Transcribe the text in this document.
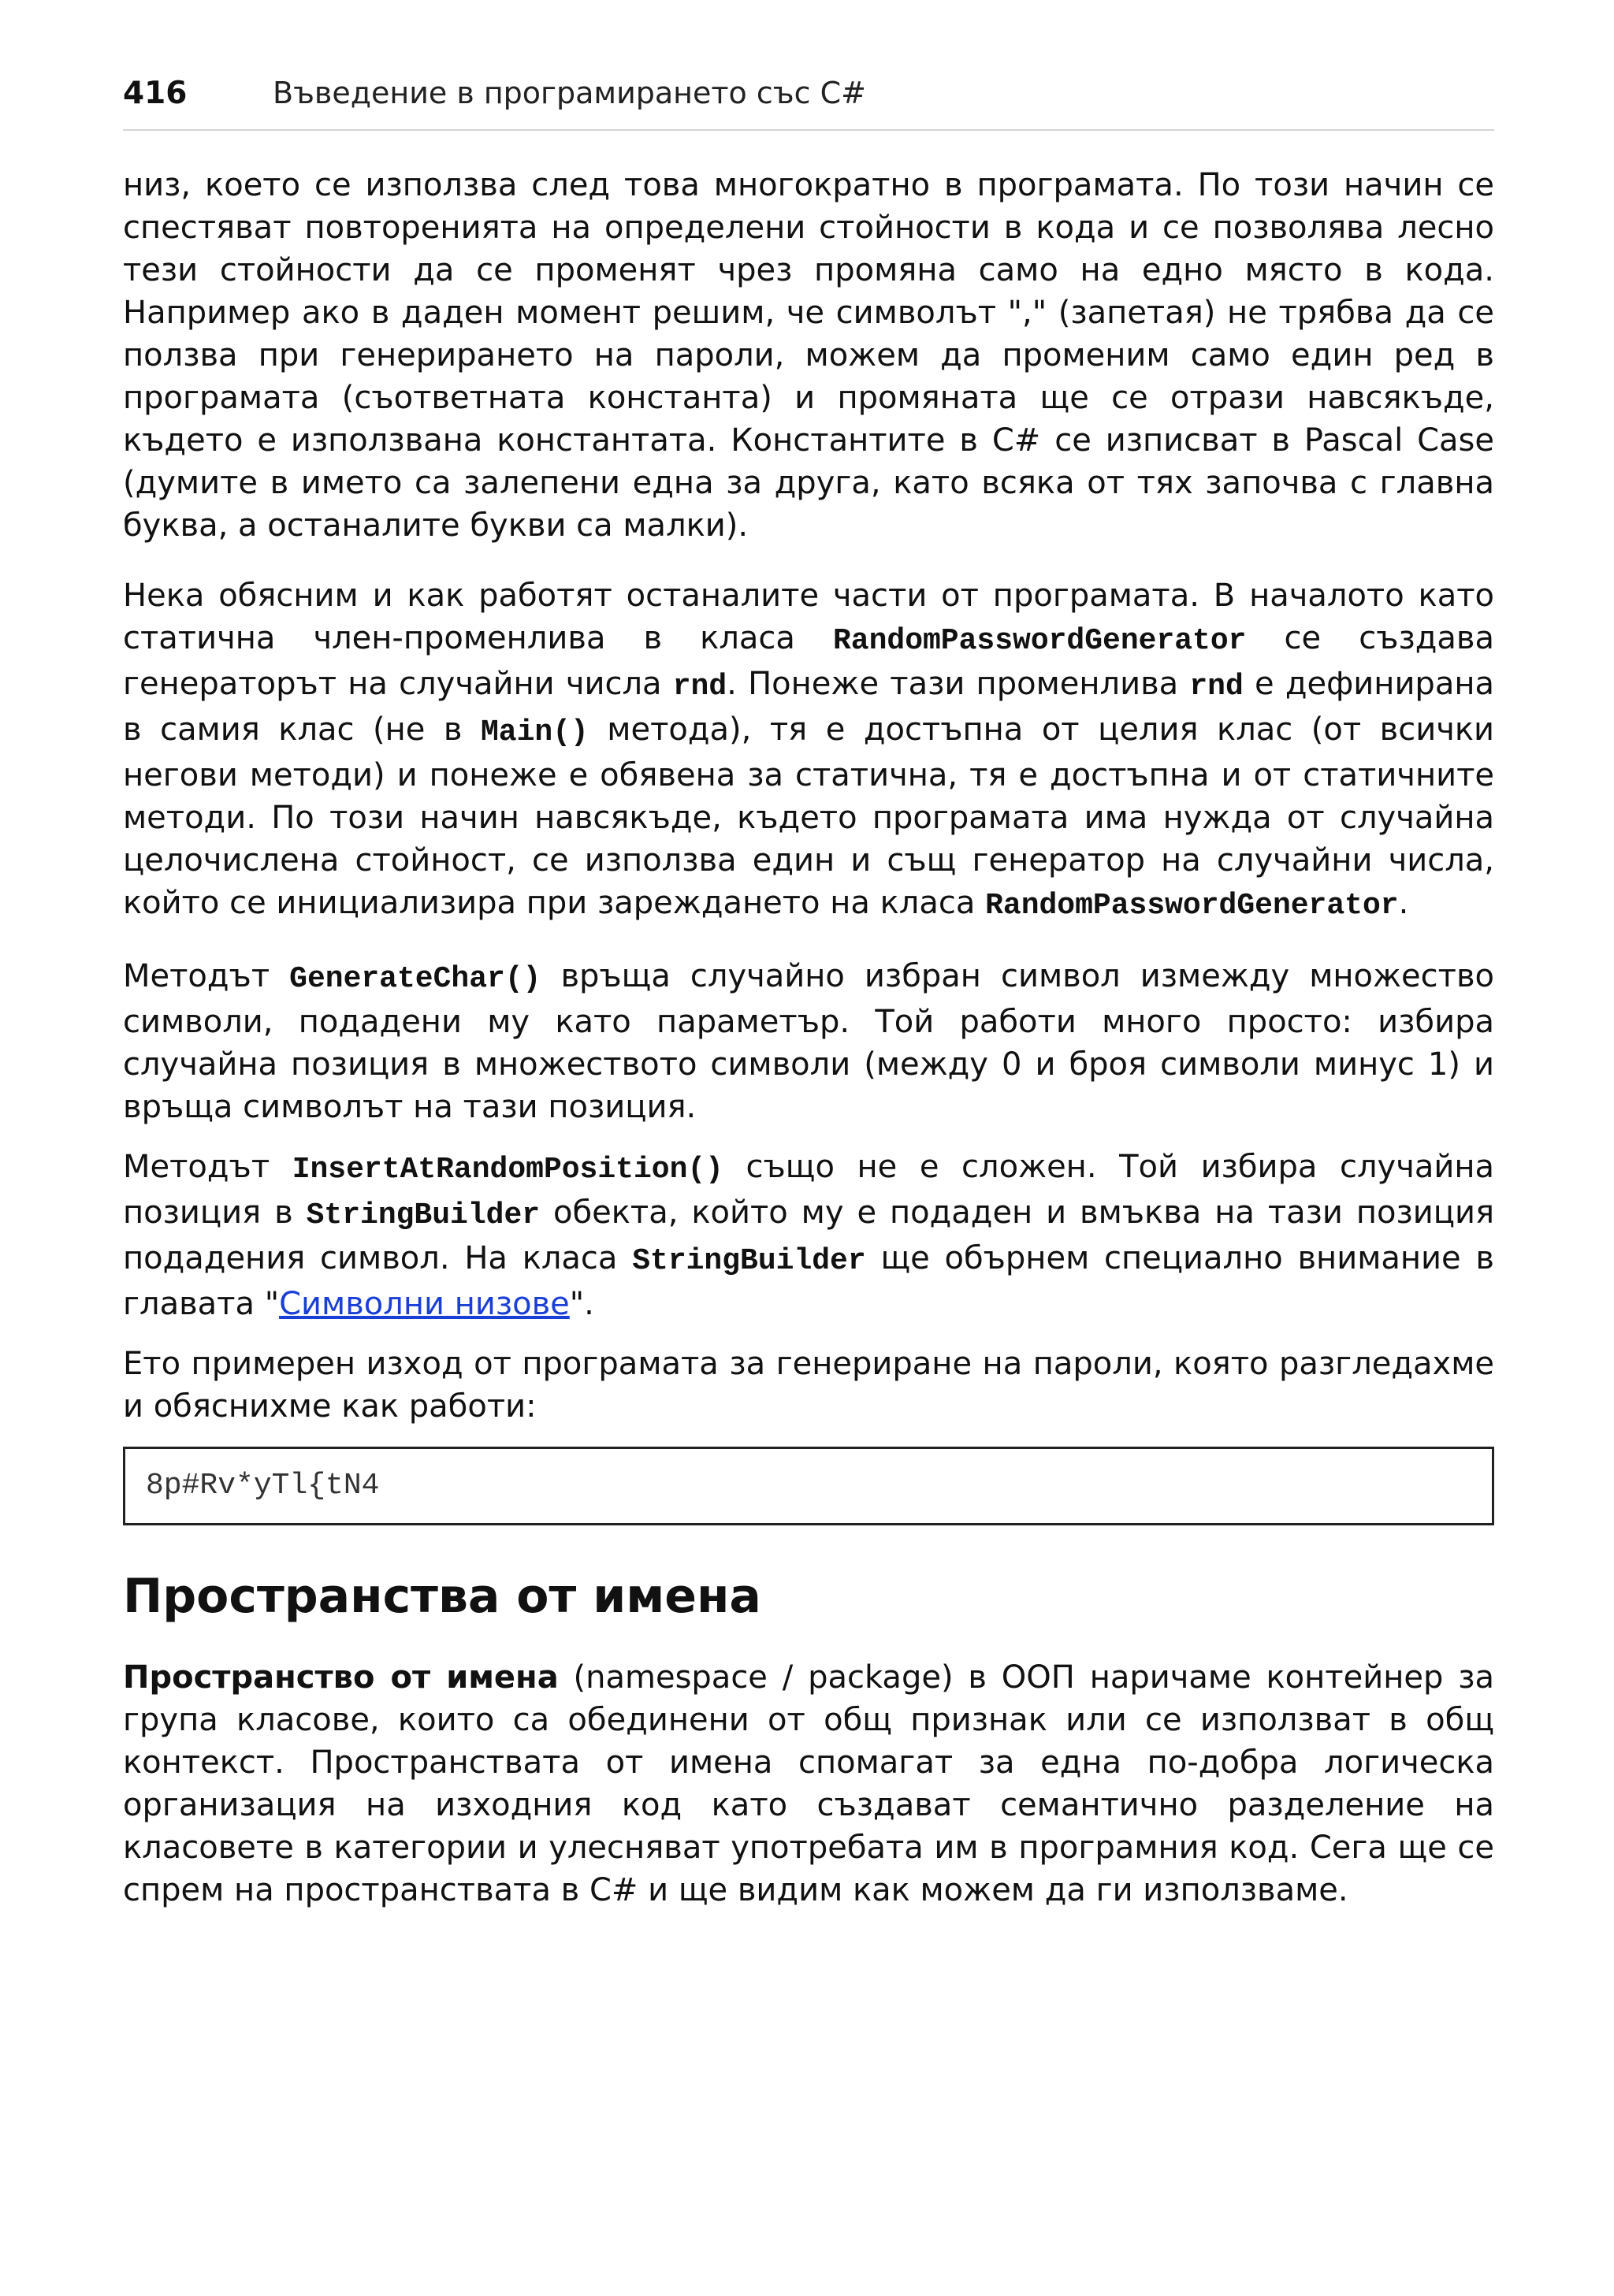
416	Въведение в програмирането със C#

низ, което се използва след това многократно в програмата. По този начин се спестяват повторенията на определени стойности в кода и се позволява лесно тези стойности да се променят чрез промяна само на едно място в кода. Например ако в даден момент решим, че символът "," (запетая) не трябва да се ползва при генерирането на пароли, можем да променим само един ред в програмата (съответната константа) и промяната ще се отрази навсякъде, където е използвана константата. Константите в C# се изписват в Pascal Case (думите в името са залепени една за друга, като всяка от тях започва с главна буква, а останалите букви са малки).

Нека обясним и как работят останалите части от програмата. В началото като статична член-променлива в класа RandomPasswordGenerator се създава генераторът на случайни числа rnd. Понеже тази променлива rnd е дефинирана в самия клас (не в Main() метода), тя е достъпна от целия клас (от всички негови методи) и понеже е обявена за статична, тя е достъпна и от статичните методи. По този начин навсякъде, където програмата има нужда от случайна целочислена стойност, се използва един и същ генератор на случайни числа, който се инициализира при зареждането на класа RandomPasswordGenerator.

Методът GenerateChar() връща случайно избран символ измежду множество символи, подадени му като параметър. Той работи много просто: избира случайна позиция в множеството символи (между 0 и броя символи минус 1) и връща символът на тази позиция.

Методът InsertAtRandomPosition() също не е сложен. Той избира случайна позиция в StringBuilder обекта, който му е подаден и вмъква на тази позиция подадения символ. На класа StringBuilder ще обърнем специално внимание в главата "Символни низове".

Ето примерен изход от програмата за генериране на пароли, която разгледахме и обяснихме как работи:

8p#Rv*yTl{tN4
Пространства от имена

Пространство от имена (namespace / package) в ООП наричаме контейнер за група класове, които са обединени от общ признак или се използват в общ контекст. Пространствата от имена спомагат за една по-добра логическа организация на изходния код като създават семантично разделение на класовете в категории и улесняват употребата им в програмния код. Сега ще се спрем на пространствата в C# и ще видим как можем да ги използваме.
